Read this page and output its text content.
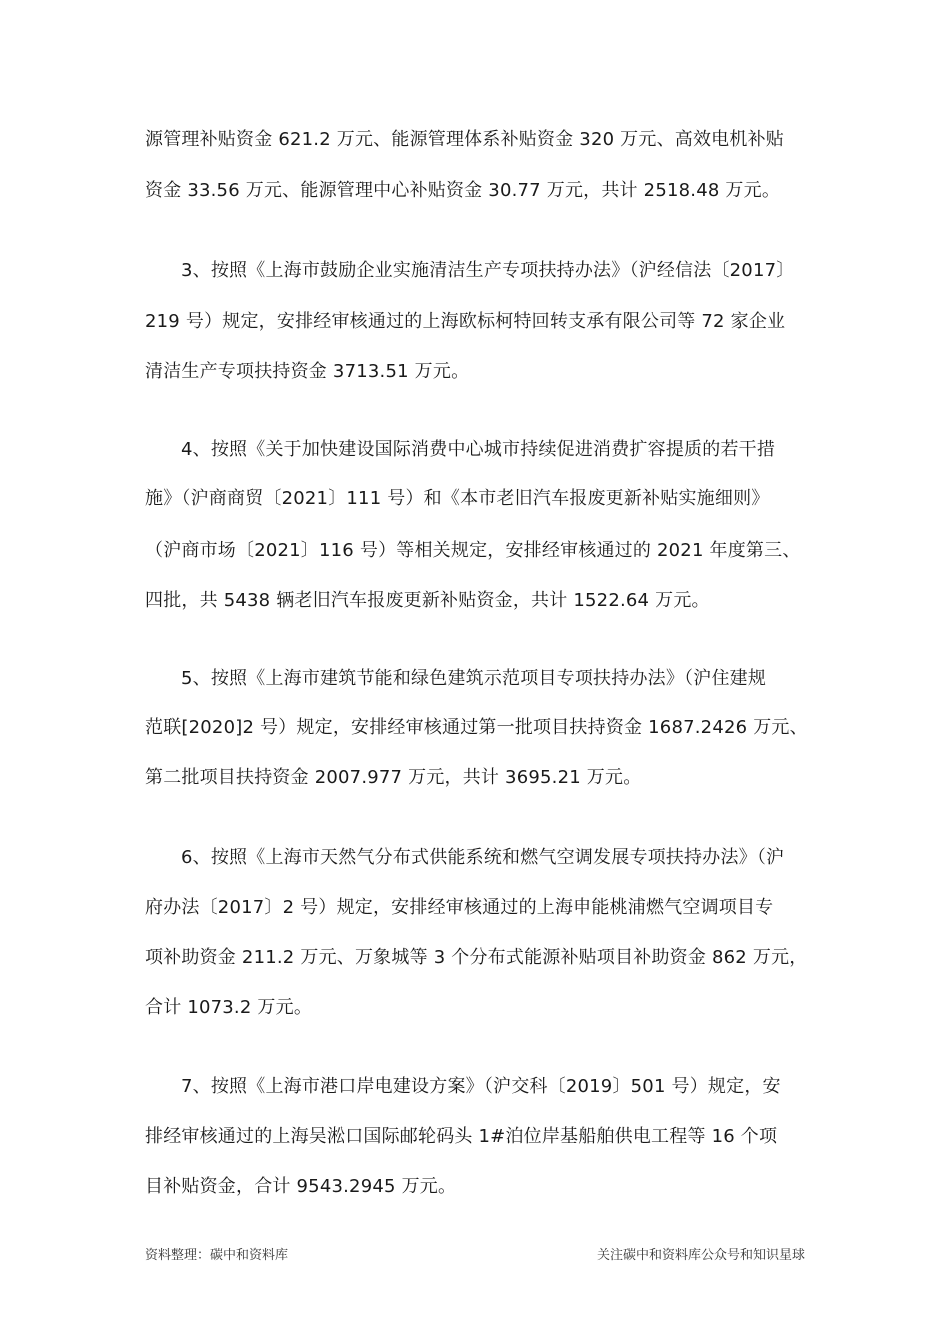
源管理补贴资金 621.2 万元、能源管理体系补贴资金 320 万元、高效电机补贴
资金 33.56 万元、能源管理中心补贴资金 30.77 万元，共计 2518.48 万元。
3、按照《上海市鼓励企业实施清洁生产专项扶持办法》（沪经信法〔2017〕
219 号）规定，安排经审核通过的上海欧标柯特回转支承有限公司等 72 家企业
清洁生产专项扶持资金 3713.51 万元。
4、按照《关于加快建设国际消费中心城市持续促进消费扩容提质的若干措
施》（沪商商贸〔2021〕111 号）和《本市老旧汽车报废更新补贴实施细则》
（沪商市场〔2021〕116 号）等相关规定，安排经审核通过的 2021 年度第三、
四批，共 5438 辆老旧汽车报废更新补贴资金，共计 1522.64 万元。
5、按照《上海市建筑节能和绿色建筑示范项目专项扶持办法》（沪住建规
范联[2020]2 号）规定，安排经审核通过第一批项目扶持资金 1687.2426 万元、
第二批项目扶持资金 2007.977 万元，共计 3695.21 万元。
6、按照《上海市天然气分布式供能系统和燃气空调发展专项扶持办法》（沪
府办法〔2017〕2 号）规定，安排经审核通过的上海申能桃浦燃气空调项目专
项补助资金 211.2 万元、万象城等 3 个分布式能源补贴项目补助资金 862 万元，
合计 1073.2 万元。
7、按照《上海市港口岸电建设方案》（沪交科〔2019〕501 号）规定，安
排经审核通过的上海吴淞口国际邮轮码头 1#泊位岸基船舶供电工程等 16 个项
目补贴资金，合计 9543.2945 万元。
资料整理：碳中和资料库	关注碳中和资料库公众号和知识星球
